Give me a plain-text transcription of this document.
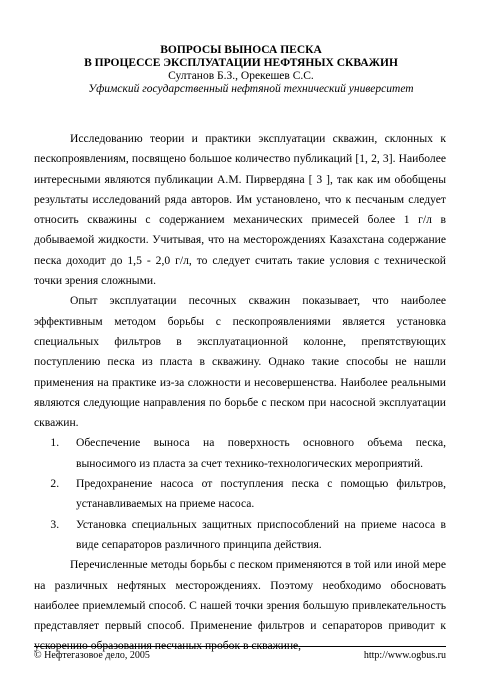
ВОПРОСЫ ВЫНОСА ПЕСКА
В ПРОЦЕССЕ ЭКСПЛУАТАЦИИ НЕФТЯНЫХ СКВАЖИН
Султанов Б.З., Орекешев С.С.
Уфимский государственный нефтяной технический университет

Исследованию теории и практики эксплуатации скважин, склонных к пескопроявлениям, посвящено большое количество публикаций [1, 2, 3]. Наиболее интересными являются публикации А.М. Пирвердяна [ 3 ], так как им обобщены результаты исследований ряда авторов. Им установлено, что к песчаным следует относить скважины с содержанием механических примесей более 1 г/л в добываемой жидкости. Учитывая, что на месторождениях Казахстана содержание песка доходит до 1,5 - 2,0 г/л, то следует считать такие условия с технической точки зрения сложными.

Опыт эксплуатации песочных скважин показывает, что наиболее эффективным методом борьбы с пескопроявлениями является установка специальных фильтров в эксплуатационной колонне, препятствующих поступлению песка из пласта в скважину. Однако такие способы не нашли применения на практике из-за сложности и несовершенства. Наиболее реальными являются следующие направления по борьбе с песком при насосной эксплуатации скважин.

1. Обеспечение выноса на поверхность основного объема песка, выносимого из пласта за счет технико-технологических мероприятий.
2. Предохранение насоса от поступления песка с помощью фильтров, устанавливаемых на приеме насоса.
3. Установка специальных защитных приспособлений на приеме насоса в виде сепараторов различного принципа действия.

Перечисленные методы борьбы с песком применяются в той или иной мере на различных нефтяных месторождениях. Поэтому необходимо обосновать наиболее приемлемый способ. С нашей точки зрения большую привлекательность представляет первый способ. Применение фильтров и сепараторов приводит к ускорению образования песчаных пробок в скважине,

© Нефтегазовое дело, 2005	http://www.ogbus.ru
